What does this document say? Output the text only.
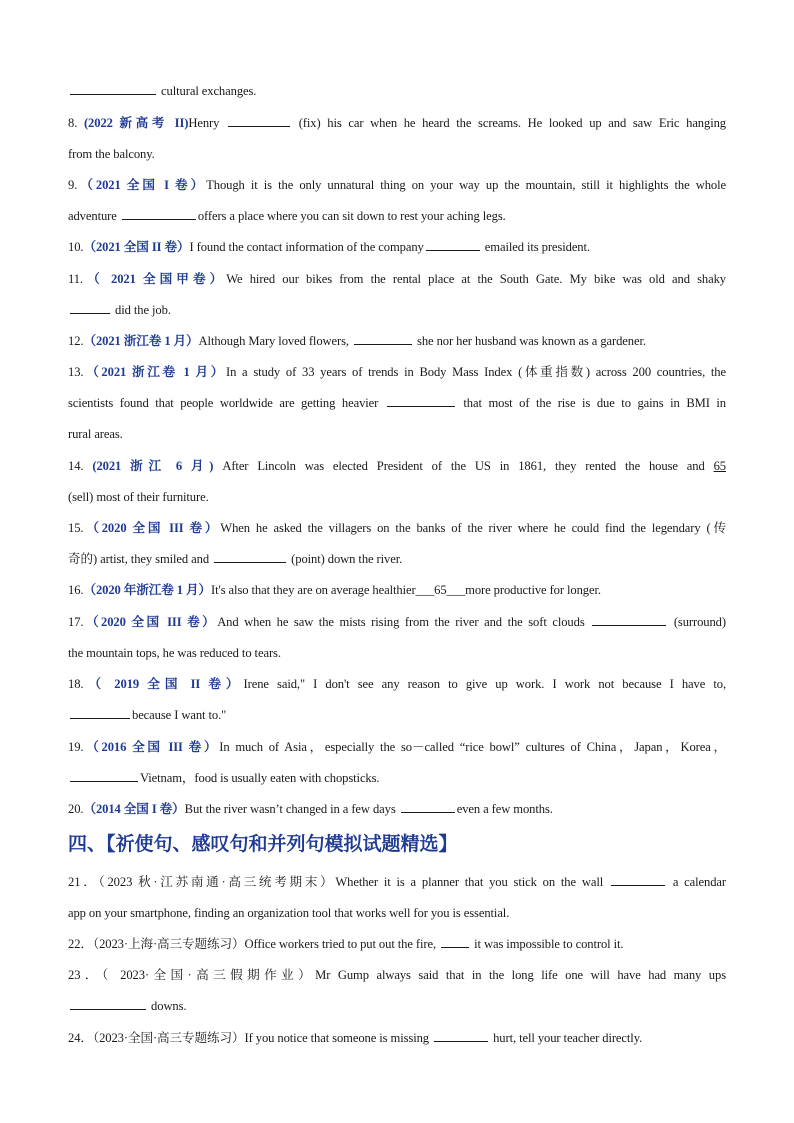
cultural exchanges.
8. (2022 新高考 II)Henry	(fix) his car when he heard the screams. He looked up and saw Eric hanging
from the balcony.
9.（2021 全国 I 卷）Though it is the only unnatural thing on your way up the mountain, still it highlights the whole
adventure	offers a place where you can sit down to rest your aching legs.
10.（2021 全国 II 卷）I found the contact information of the company	emailed its president.
11.（ 2021 全国甲卷）We hired our bikes from the rental place at the South Gate. My bike was old and shaky
did the job.
12.（2021 浙江卷 1 月）Although Mary loved flowers,	she nor her husband was known as a gardener.
13.（2021 浙江卷 1 月）In a study of 33 years of trends in Body Mass Index (体重指数) across 200 countries, the
scientists found that people worldwide are getting heavier	that most of the rise is due to gains in BMI in
rural areas.
14. (2021 浙江 6 月) After Lincoln was elected President of the US in 1861, they rented the house and 65
(sell) most of their furniture.
15.（2020 全国 III 卷）When he asked the villagers on the banks of the river where he could find the legendary (传
奇的) artist, they smiled and	(point) down the river.
16.（2020 年浙江卷 1 月）It's also that they are on average healthier___65___more productive for longer.
17.（2020 全国 III 卷）And when he saw the mists rising from the river and the soft clouds	(surround)
the mountain tops, he was reduced to tears.
18.（ 2019 全国 II 卷）Irene said," I don't see any reason to give up work. I work not because I have to,
because I want to."
19.（2016 全国 III 卷）In much of Asia，especially the so－called “rice bowl” cultures of China，Japan，Korea，
Vietnam，food is usually eaten with chopsticks.
20.（2014 全国 I 卷）But the river wasn’t changed in a few days	even a few months.
21．（2023 秋·江苏南通·高三统考期末）Whether it is a planner that you stick on the wall	a calendar
app on your smartphone, finding an organization tool that works well for you is essential.
22．（2023·上海·高三专题练习）Office workers tried to put out the fire,	it was impossible to control it.
23．（ 2023·全国·高三假期作业）Mr Gump always said that in the long life one will have had many ups
downs.
24．（2023·全国·高三专题练习）If you notice that someone is missing	hurt, tell your teacher directly.
四、【祈使句、感叹句和并列句模拟试题精选】
